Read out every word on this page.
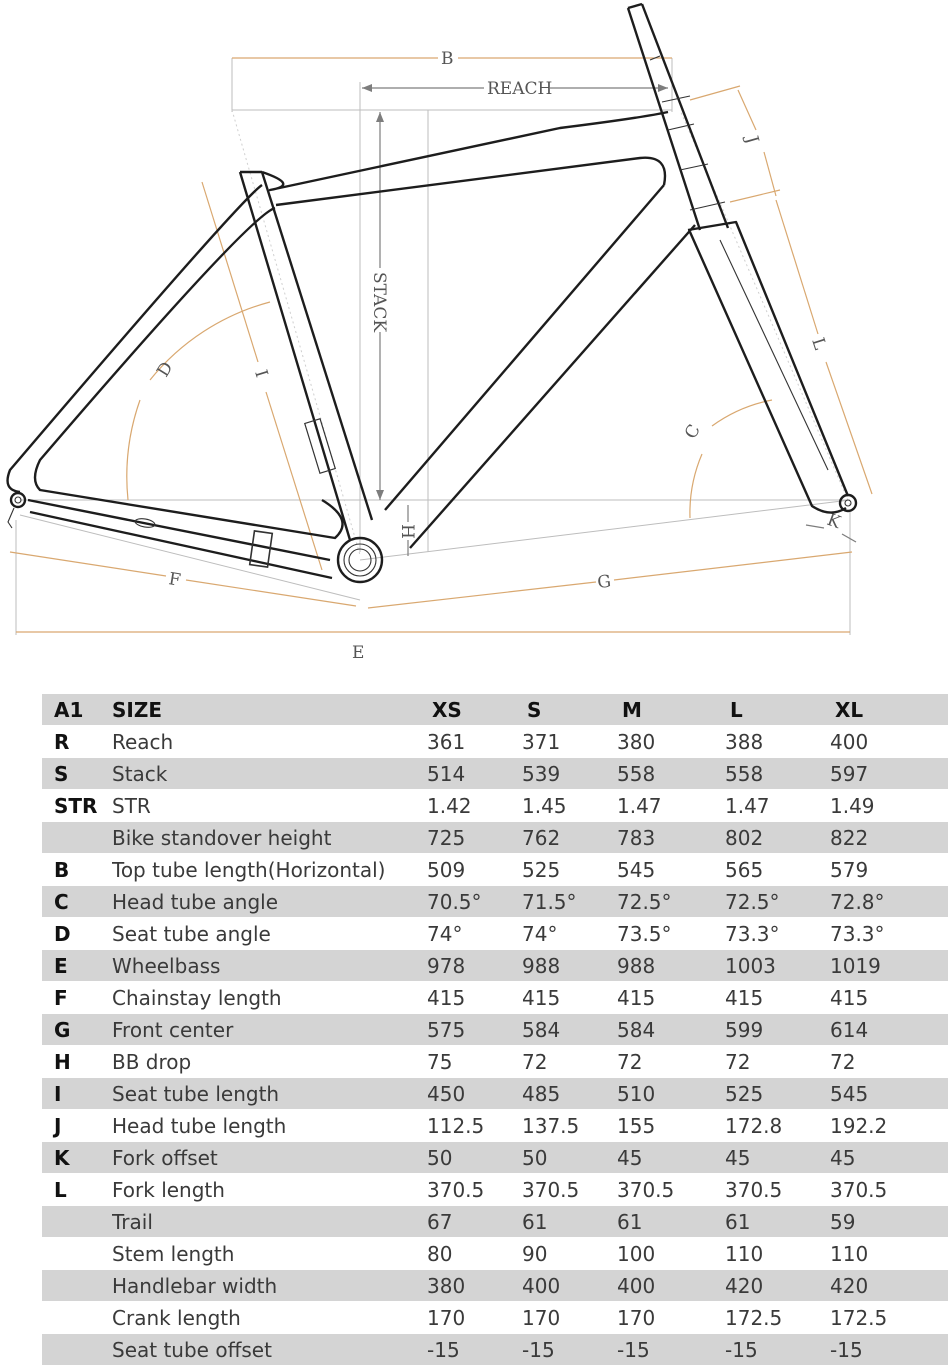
B
REACH
STACK
J
L
D	I
C
H	K
F	G
E
A1	SIZE	XS	S	M	L	XL
R	Reach	361	371	380	388	400
S	Stack	514	539	558	558	597
STR	STR	1.42	1.45	1.47	1.47	1.49
	Bike standover height	725	762	783	802	822
B	Top tube length(Horizontal)	509	525	545	565	579
C	Head tube angle	70.5°	71.5°	72.5°	72.5°	72.8°
D	Seat tube angle	74°	74°	73.5°	73.3°	73.3°
E	Wheelbass	978	988	988	1003	1019
F	Chainstay length	415	415	415	415	415
G	Front center	575	584	584	599	614
H	BB drop	75	72	72	72	72
I	Seat tube length	450	485	510	525	545
J	Head tube length	112.5	137.5	155	172.8	192.2
K	Fork offset	50	50	45	45	45
L	Fork length	370.5	370.5	370.5	370.5	370.5
	Trail	67	61	61	61	59
	Stem length	80	90	100	110	110
	Handlebar width	380	400	400	420	420
	Crank length	170	170	170	172.5	172.5
	Seat tube offset	-15	-15	-15	-15	-15
